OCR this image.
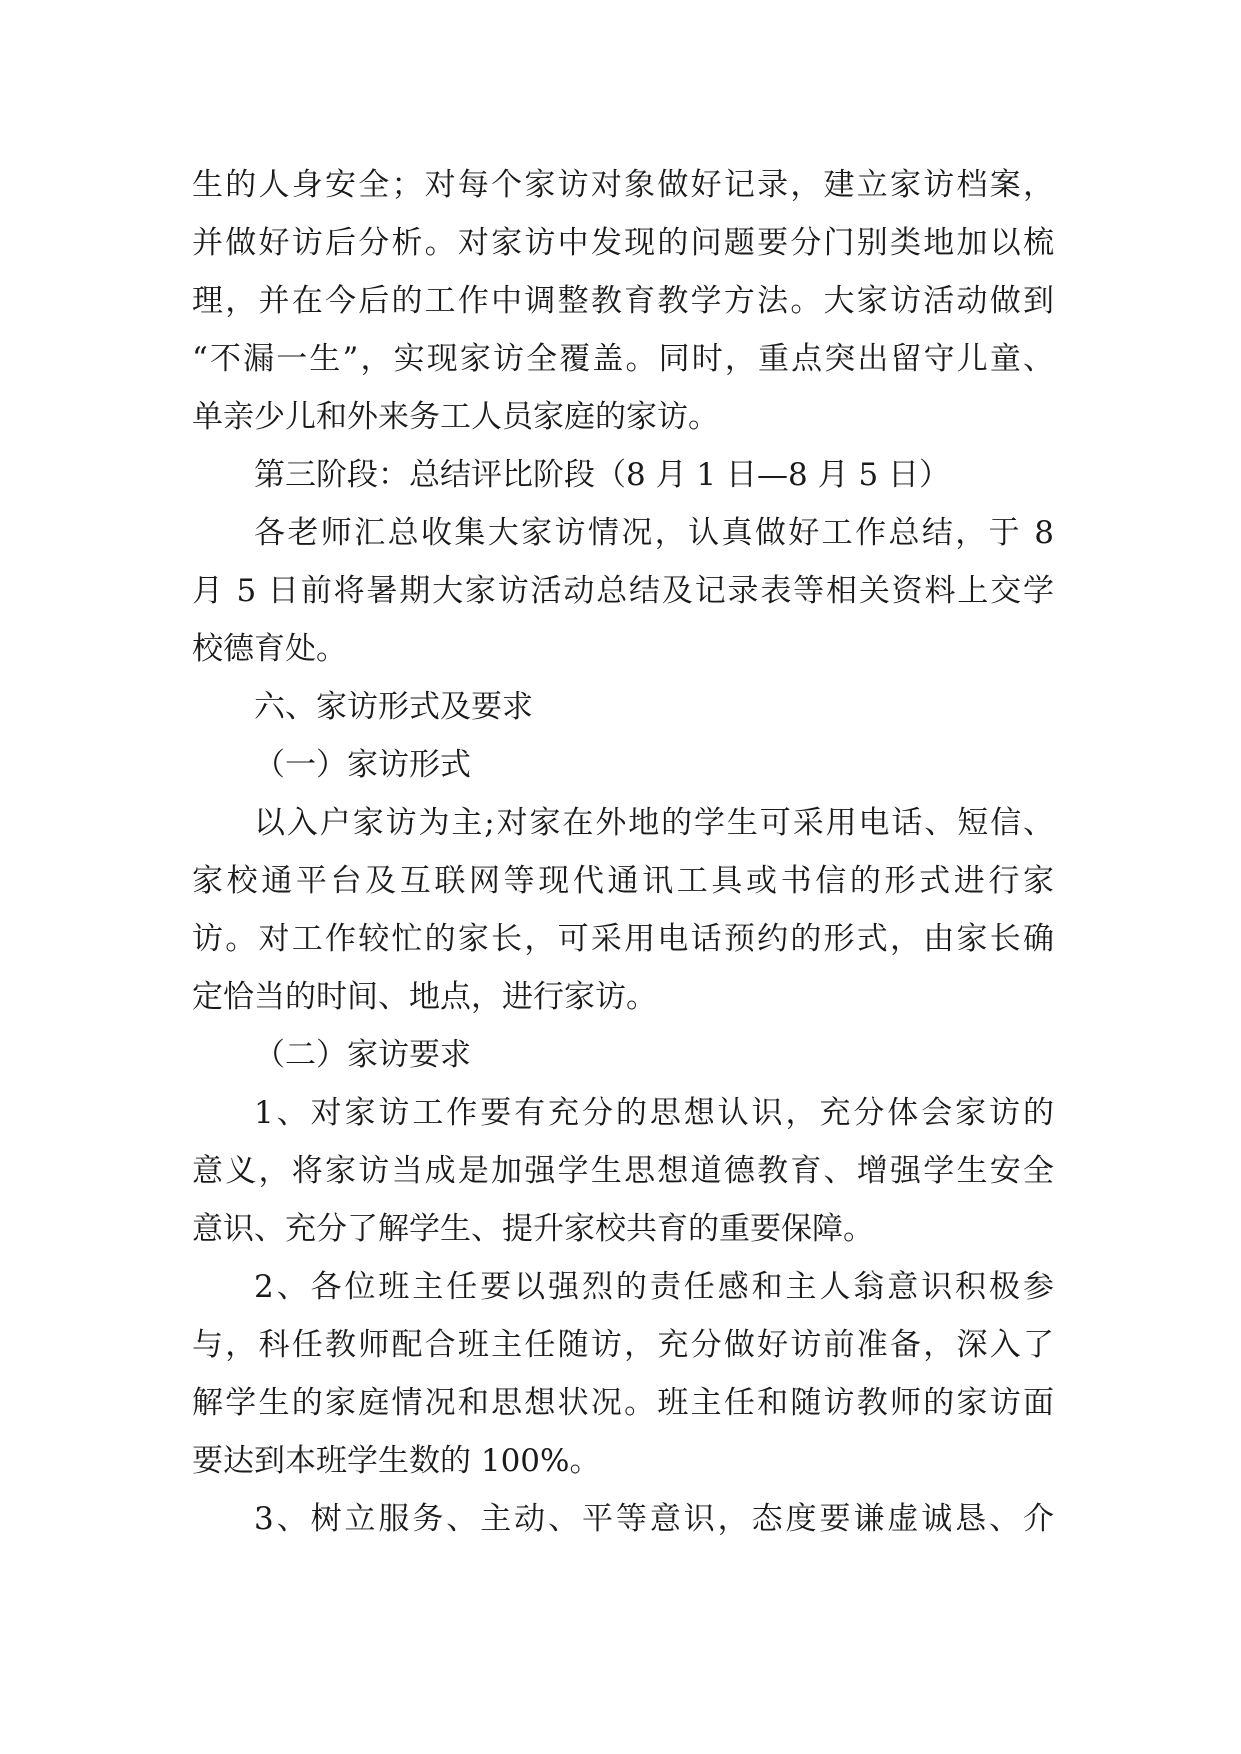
生的人身安全；对每个家访对象做好记录，建立家访档案，
并做好访后分析。对家访中发现的问题要分门别类地加以梳
理，并在今后的工作中调整教育教学方法。大家访活动做到
“不漏一生”，实现家访全覆盖。同时，重点突出留守儿童、
单亲少儿和外来务工人员家庭的家访。
第三阶段：总结评比阶段（8 月 1 日—8 月 5 日）
各老师汇总收集大家访情况，认真做好工作总结，于 8
月 5 日前将暑期大家访活动总结及记录表等相关资料上交学
校德育处。
六、家访形式及要求
（一）家访形式
以入户家访为主;对家在外地的学生可采用电话、短信、
家校通平台及互联网等现代通讯工具或书信的形式进行家
访。对工作较忙的家长，可采用电话预约的形式，由家长确
定恰当的时间、地点，进行家访。
（二）家访要求
1、对家访工作要有充分的思想认识，充分体会家访的
意义，将家访当成是加强学生思想道德教育、增强学生安全
意识、充分了解学生、提升家校共育的重要保障。
2、各位班主任要以强烈的责任感和主人翁意识积极参
与，科任教师配合班主任随访，充分做好访前准备，深入了
解学生的家庭情况和思想状况。班主任和随访教师的家访面
要达到本班学生数的 100%。
3、树立服务、主动、平等意识，态度要谦虚诚恳、介
